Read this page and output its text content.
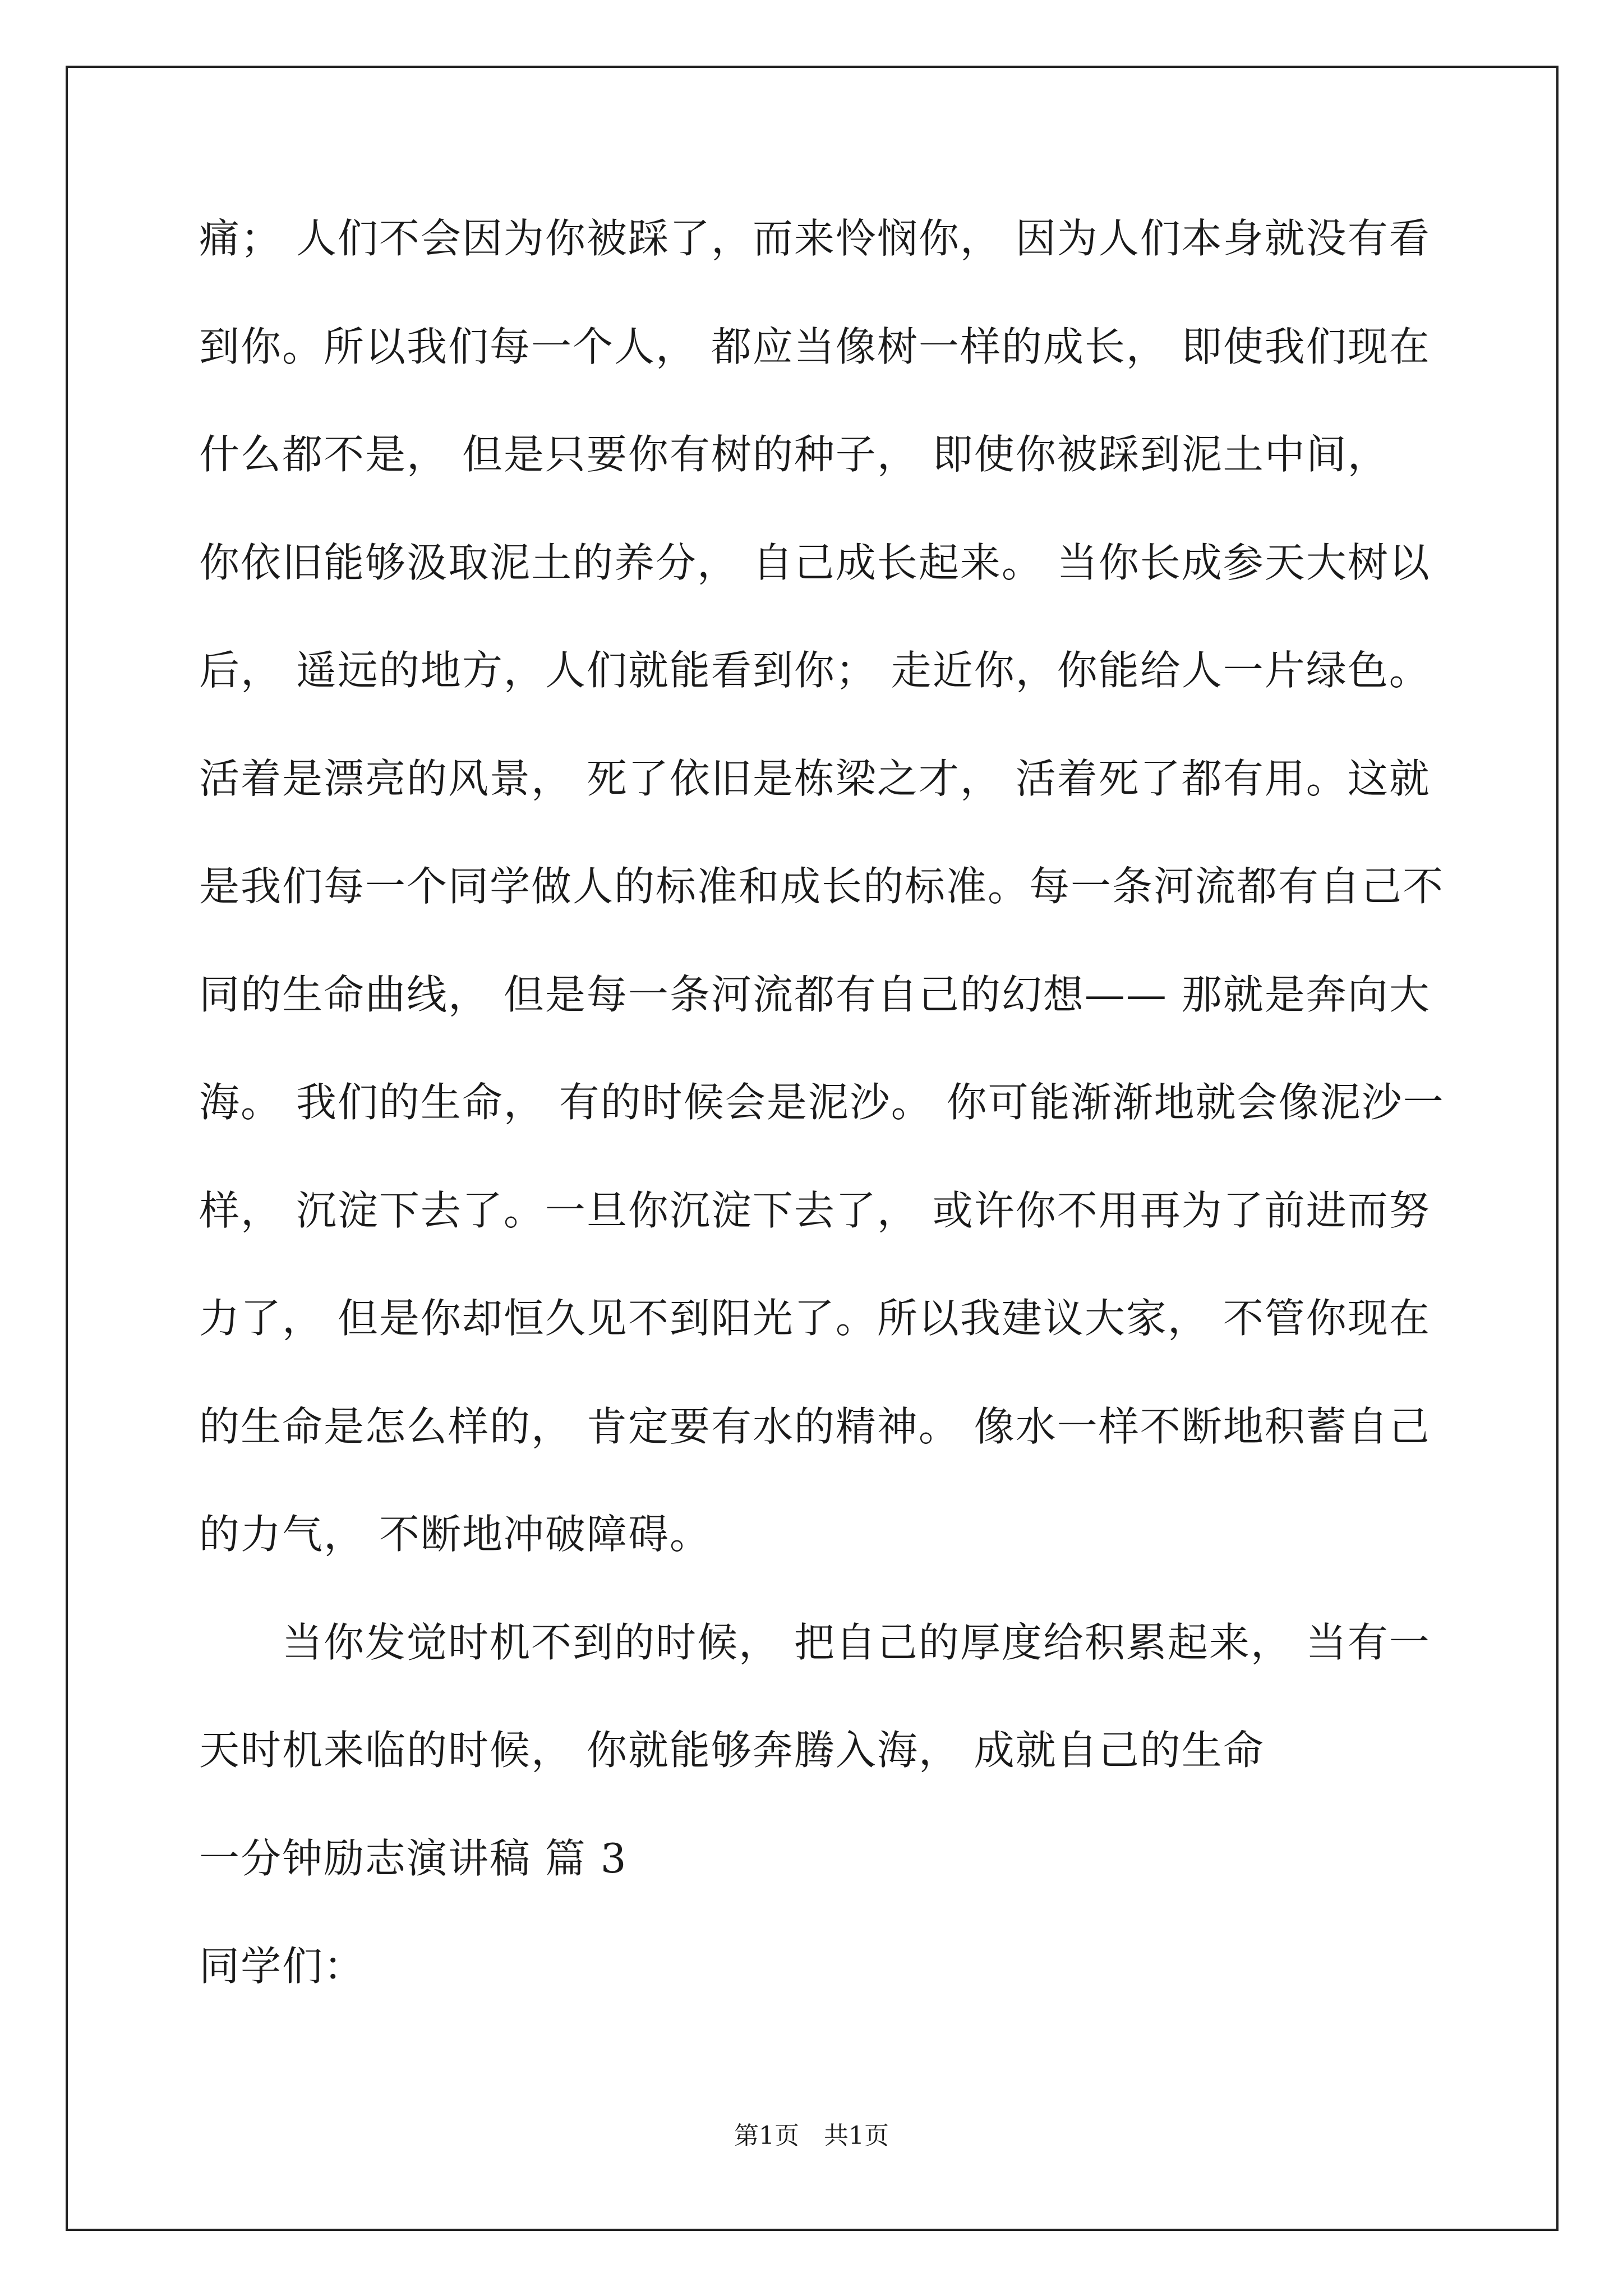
痛； 人们不会因为你被踩了，而来怜悯你， 因为人们本身就没有看
到你。所以我们每一个人， 都应当像树一样的成长， 即使我们现在
什么都不是， 但是只要你有树的种子， 即使你被踩到泥土中间，
你依旧能够汲取泥土的养分， 自己成长起来。 当你长成参天大树以
后， 遥远的地方，人们就能看到你； 走近你，你能给人一片绿色。
活着是漂亮的风景， 死了依旧是栋梁之才， 活着死了都有用。这就
是我们每一个同学做人的标准和成长的标准。每一条河流都有自己不
同的生命曲线， 但是每一条河流都有自己的幻想—— 那就是奔向大
海。 我们的生命， 有的时候会是泥沙。 你可能渐渐地就会像泥沙一
样， 沉淀下去了。一旦你沉淀下去了， 或许你不用再为了前进而努
力了， 但是你却恒久见不到阳光了。所以我建议大家， 不管你现在
的生命是怎么样的， 肯定要有水的精神。 像水一样不断地积蓄自己
的力气， 不断地冲破障碍。
　　当你发觉时机不到的时候， 把自己的厚度给积累起来， 当有一
天时机来临的时候， 你就能够奔腾入海， 成就自己的生命
一分钟励志演讲稿 篇 3
同学们：
第1页　共1页
